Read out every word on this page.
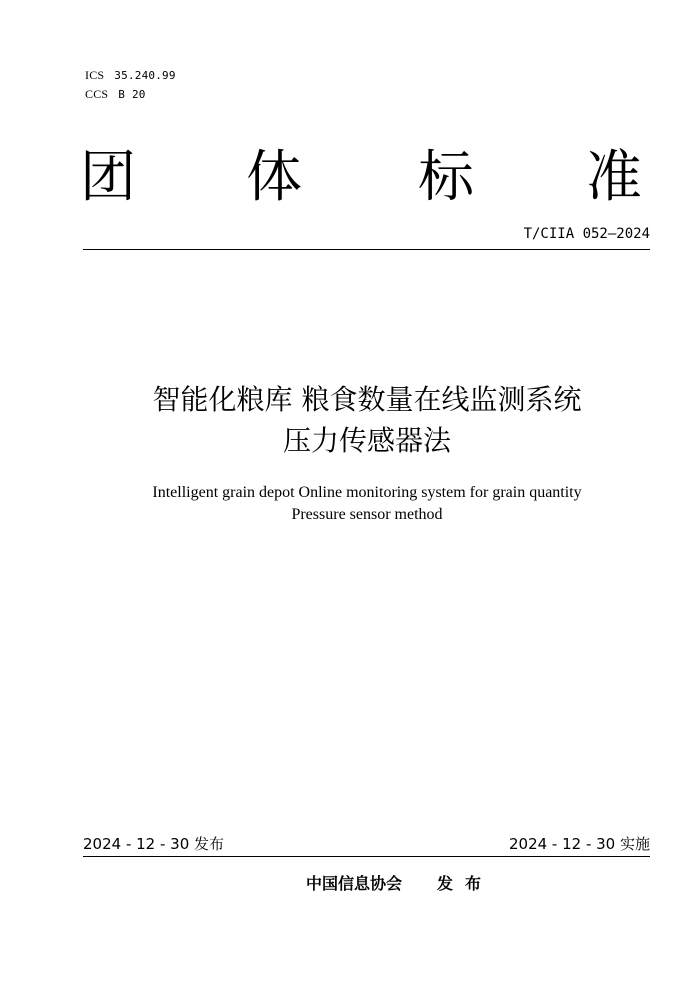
ICS 35.240.99
CCS B 20
团 体 标 准
T/CIIA 052—2024
智能化粮库 粮食数量在线监测系统
压力传感器法
Intelligent grain depot Online monitoring system for grain quantity
Pressure sensor method
2024 - 12 - 30 发布	2024 - 12 - 30 实施
中国信息协会 发布
